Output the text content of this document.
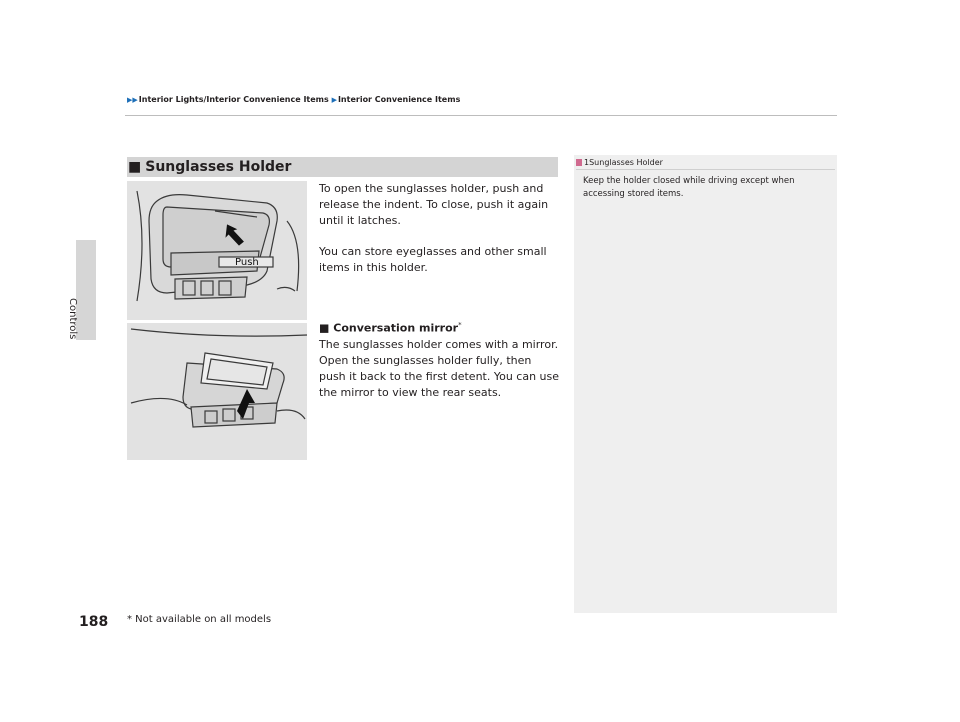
Controls
▶▶Interior Lights/Interior Convenience Items ▶Interior Convenience Items
■ Sunglasses Holder
Push
To open the sunglasses holder, push and release the indent. To close, push it again until it latches.
You can store eyeglasses and other small items in this holder.
■ Conversation mirror*
The sunglasses holder comes with a mirror. Open the sunglasses holder fully, then push it back to the first detent. You can use the mirror to view the rear seats.
1Sunglasses Holder
Keep the holder closed while driving except when accessing stored items.
188 * Not available on all models
